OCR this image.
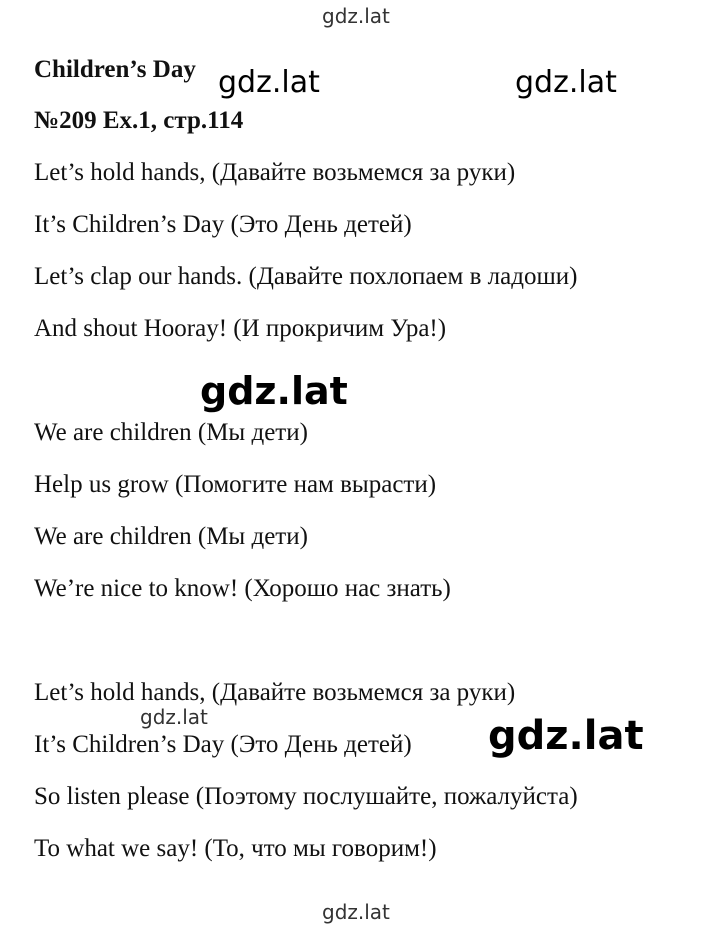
gdz.lat
Children’s Day gdz.lat	gdz.lat
№209 Ex.1, стр.114
Let’s hold hands, (Давайте возьмемся за руки)
It’s Children’s Day (Это День детей)
Let’s clap our hands. (Давайте похлопаем в ладоши)
And shout Hooray! (И прокричим Ура!)
gdz.lat
We are children (Мы дети)
Help us grow (Помогите нам вырасти)
We are children (Мы дети)
We’re nice to know! (Хорошо нас знать)
Let’s hold hands, (Давайте возьмемся за руки)
gdz.lat
It’s Children’s Day (Это День детей) gdz.lat
So listen please (Поэтому послушайте, пожалуйста)
To what we say! (То, что мы говорим!)
gdz.lat
